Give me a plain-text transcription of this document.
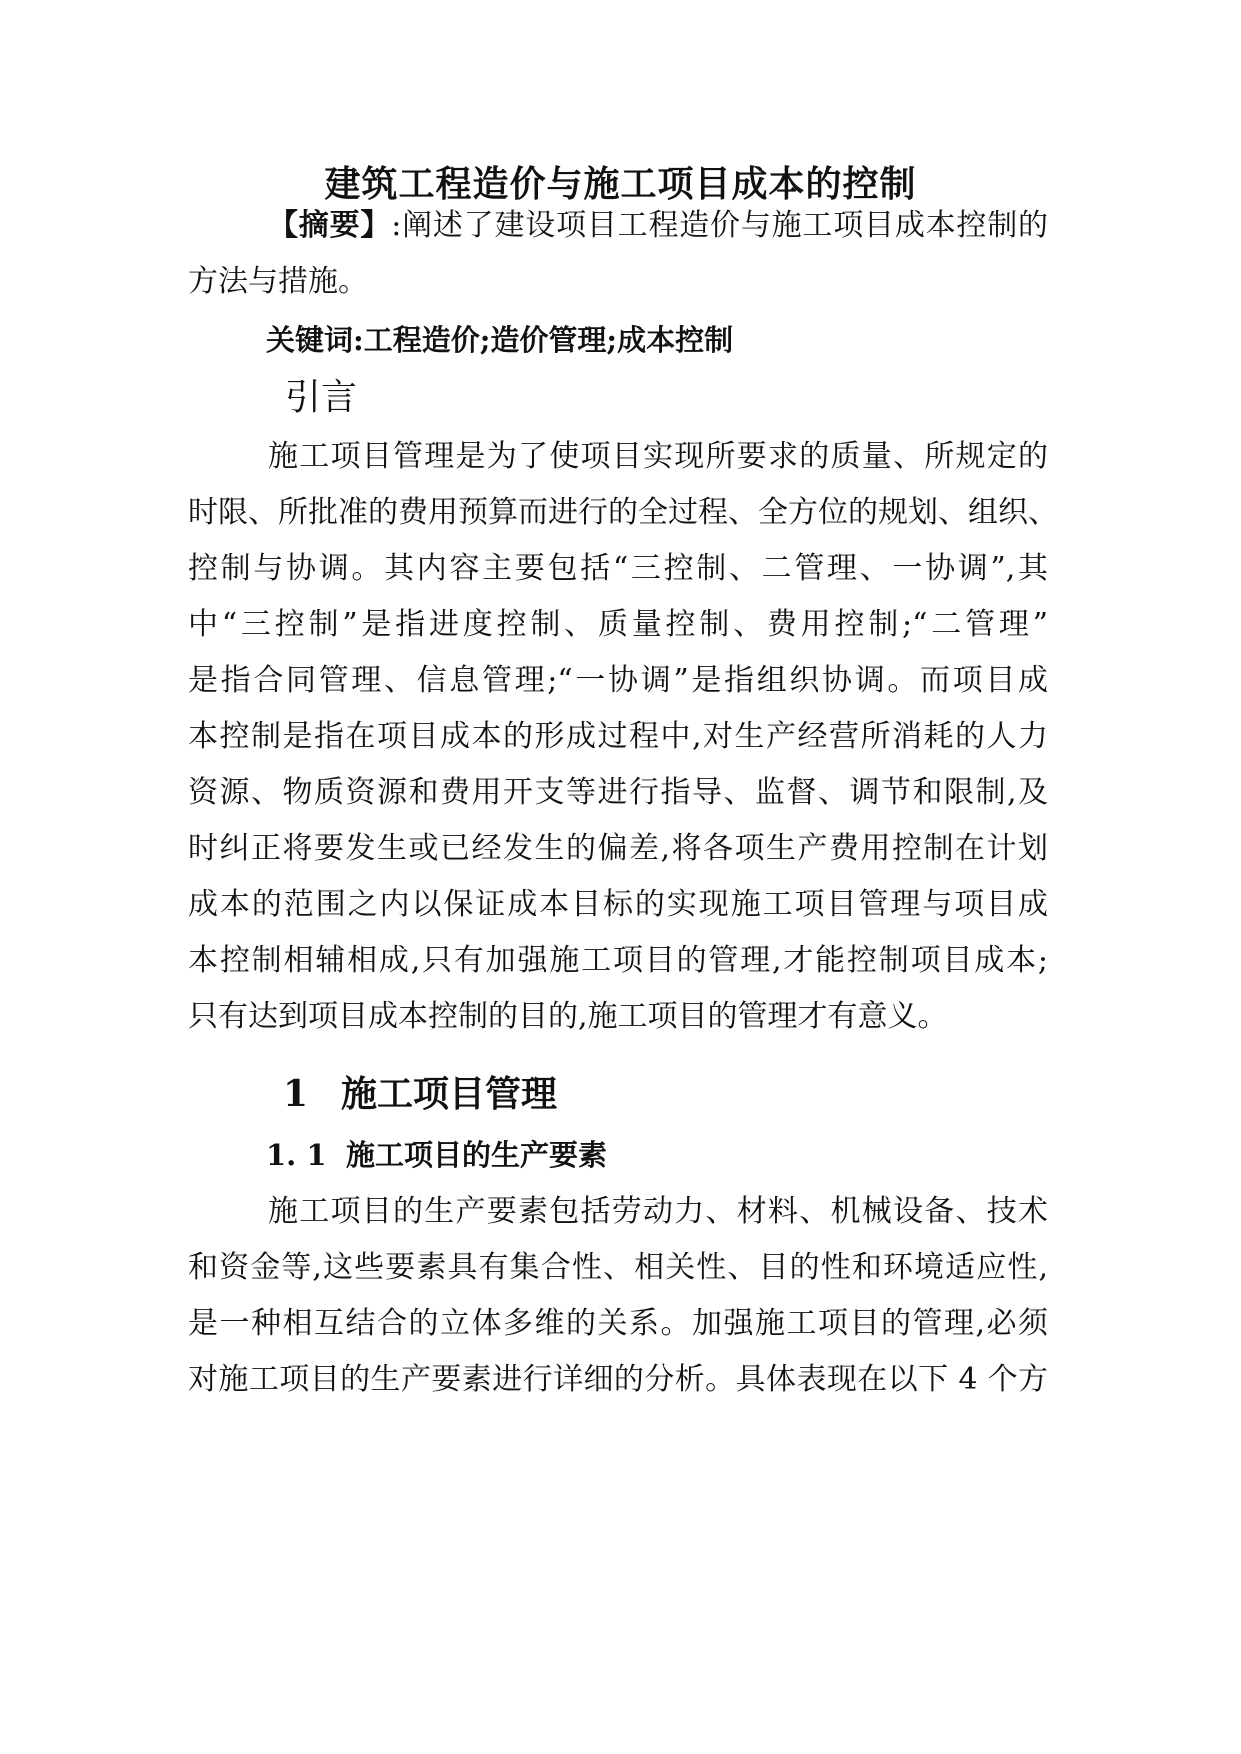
建筑工程造价与施工项目成本的控制
【摘要】:阐述了建设项目工程造价与施工项目成本控制的
方法与措施。
关键词:工程造价;造价管理;成本控制
引言
施工项目管理是为了使项目实现所要求的质量、所规定的
时限、所批准的费用预算而进行的全过程、全方位的规划、组织、
控制与协调。其内容主要包括“三控制、二管理、一协调”,其
中“三控制”是指进度控制、质量控制、费用控制;“二管理”
是指合同管理、信息管理;“一协调”是指组织协调。而项目成
本控制是指在项目成本的形成过程中,对生产经营所消耗的人力
资源、物质资源和费用开支等进行指导、监督、调节和限制,及
时纠正将要发生或已经发生的偏差,将各项生产费用控制在计划
成本的范围之内以保证成本目标的实现施工项目管理与项目成
本控制相辅相成,只有加强施工项目的管理,才能控制项目成本;
只有达到项目成本控制的目的,施工项目的管理才有意义。
1 施工项目管理
1. 1 施工项目的生产要素
施工项目的生产要素包括劳动力、材料、机械设备、技术
和资金等,这些要素具有集合性、相关性、目的性和环境适应性,
是一种相互结合的立体多维的关系。加强施工项目的管理,必须
对施工项目的生产要素进行详细的分析。具体表现在以下 4 个方
